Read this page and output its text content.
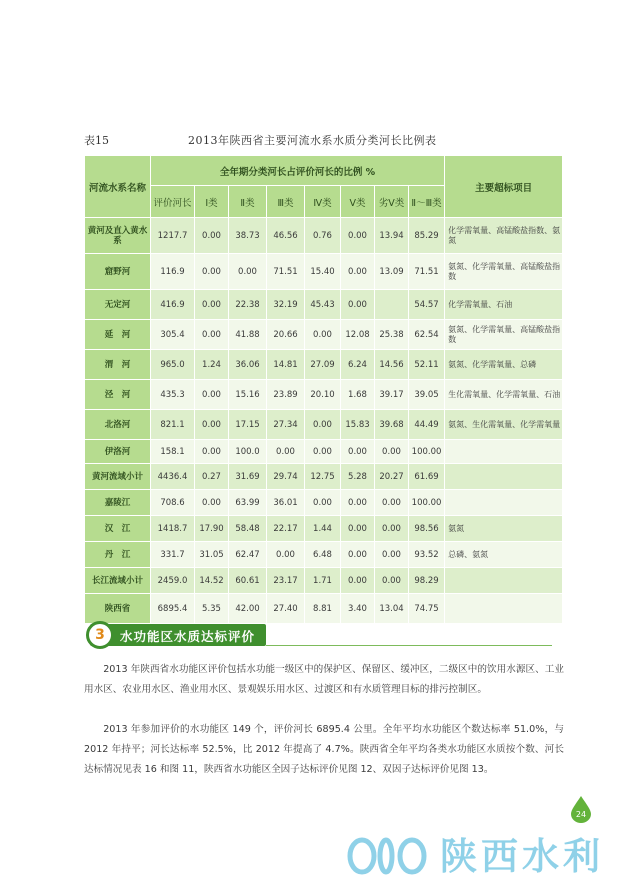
表15	2013年陕西省主要河流水系水质分类河长比例表
河流水系名称	全年期分类河长占评价河长的比例 %								主要超标项目
	评价河长	Ⅰ类	Ⅱ类	Ⅲ类	Ⅳ类	Ⅴ类	劣Ⅴ类	Ⅱ～Ⅲ类	
黄河及直入黄水系	1217.7	0.00	38.73	46.56	0.76	0.00	13.94	85.29	化学需氧量、高锰酸盐指数、氨氮
窟野河	116.9	0.00	0.00	71.51	15.40	0.00	13.09	71.51	氨氮、化学需氧量、高锰酸盐指数
无定河	416.9	0.00	22.38	32.19	45.43	0.00		54.57	化学需氧量、石油
延　河	305.4	0.00	41.88	20.66	0.00	12.08	25.38	62.54	氨氮、化学需氧量、高锰酸盐指数
渭　河	965.0	1.24	36.06	14.81	27.09	6.24	14.56	52.11	氨氮、化学需氧量、总磷
泾　河	435.3	0.00	15.16	23.89	20.10	1.68	39.17	39.05	生化需氧量、化学需氧量、石油
北洛河	821.1	0.00	17.15	27.34	0.00	15.83	39.68	44.49	氨氮、生化需氧量、化学需氧量
伊洛河	158.1	0.00	100.0	0.00	0.00	0.00	0.00	100.00	
黄河流域小计	4436.4	0.27	31.69	29.74	12.75	5.28	20.27	61.69	
嘉陵江	708.6	0.00	63.99	36.01	0.00	0.00	0.00	100.00	
汉　江	1418.7	17.90	58.48	22.17	1.44	0.00	0.00	98.56	氨氮
丹　江	331.7	31.05	62.47	0.00	6.48	0.00	0.00	93.52	总磷、氨氮
长江流域小计	2459.0	14.52	60.61	23.17	1.71	0.00	0.00	98.29	
陕西省	6895.4	5.35	42.00	27.40	8.81	3.40	13.04	74.75	
3	水功能区水质达标评价

2013 年陕西省水功能区评价包括水功能一级区中的保护区、保留区、缓冲区，二级区中的饮用水源区、工业用水区、农业用水区、渔业用水区、景观娱乐用水区、过渡区和有水质管理目标的排污控制区。

2013 年参加评价的水功能区 149 个，评价河长 6895.4 公里。全年平均水功能区个数达标率 51.0%，与 2012 年持平；河长达标率 52.5%，比 2012 年提高了 4.7%。陕西省全年平均各类水功能区水质按个数、河长达标情况见表 16 和图 11，陕西省水功能区全因子达标评价见图 12、双因子达标评价见图 13。

24
陕西水利
